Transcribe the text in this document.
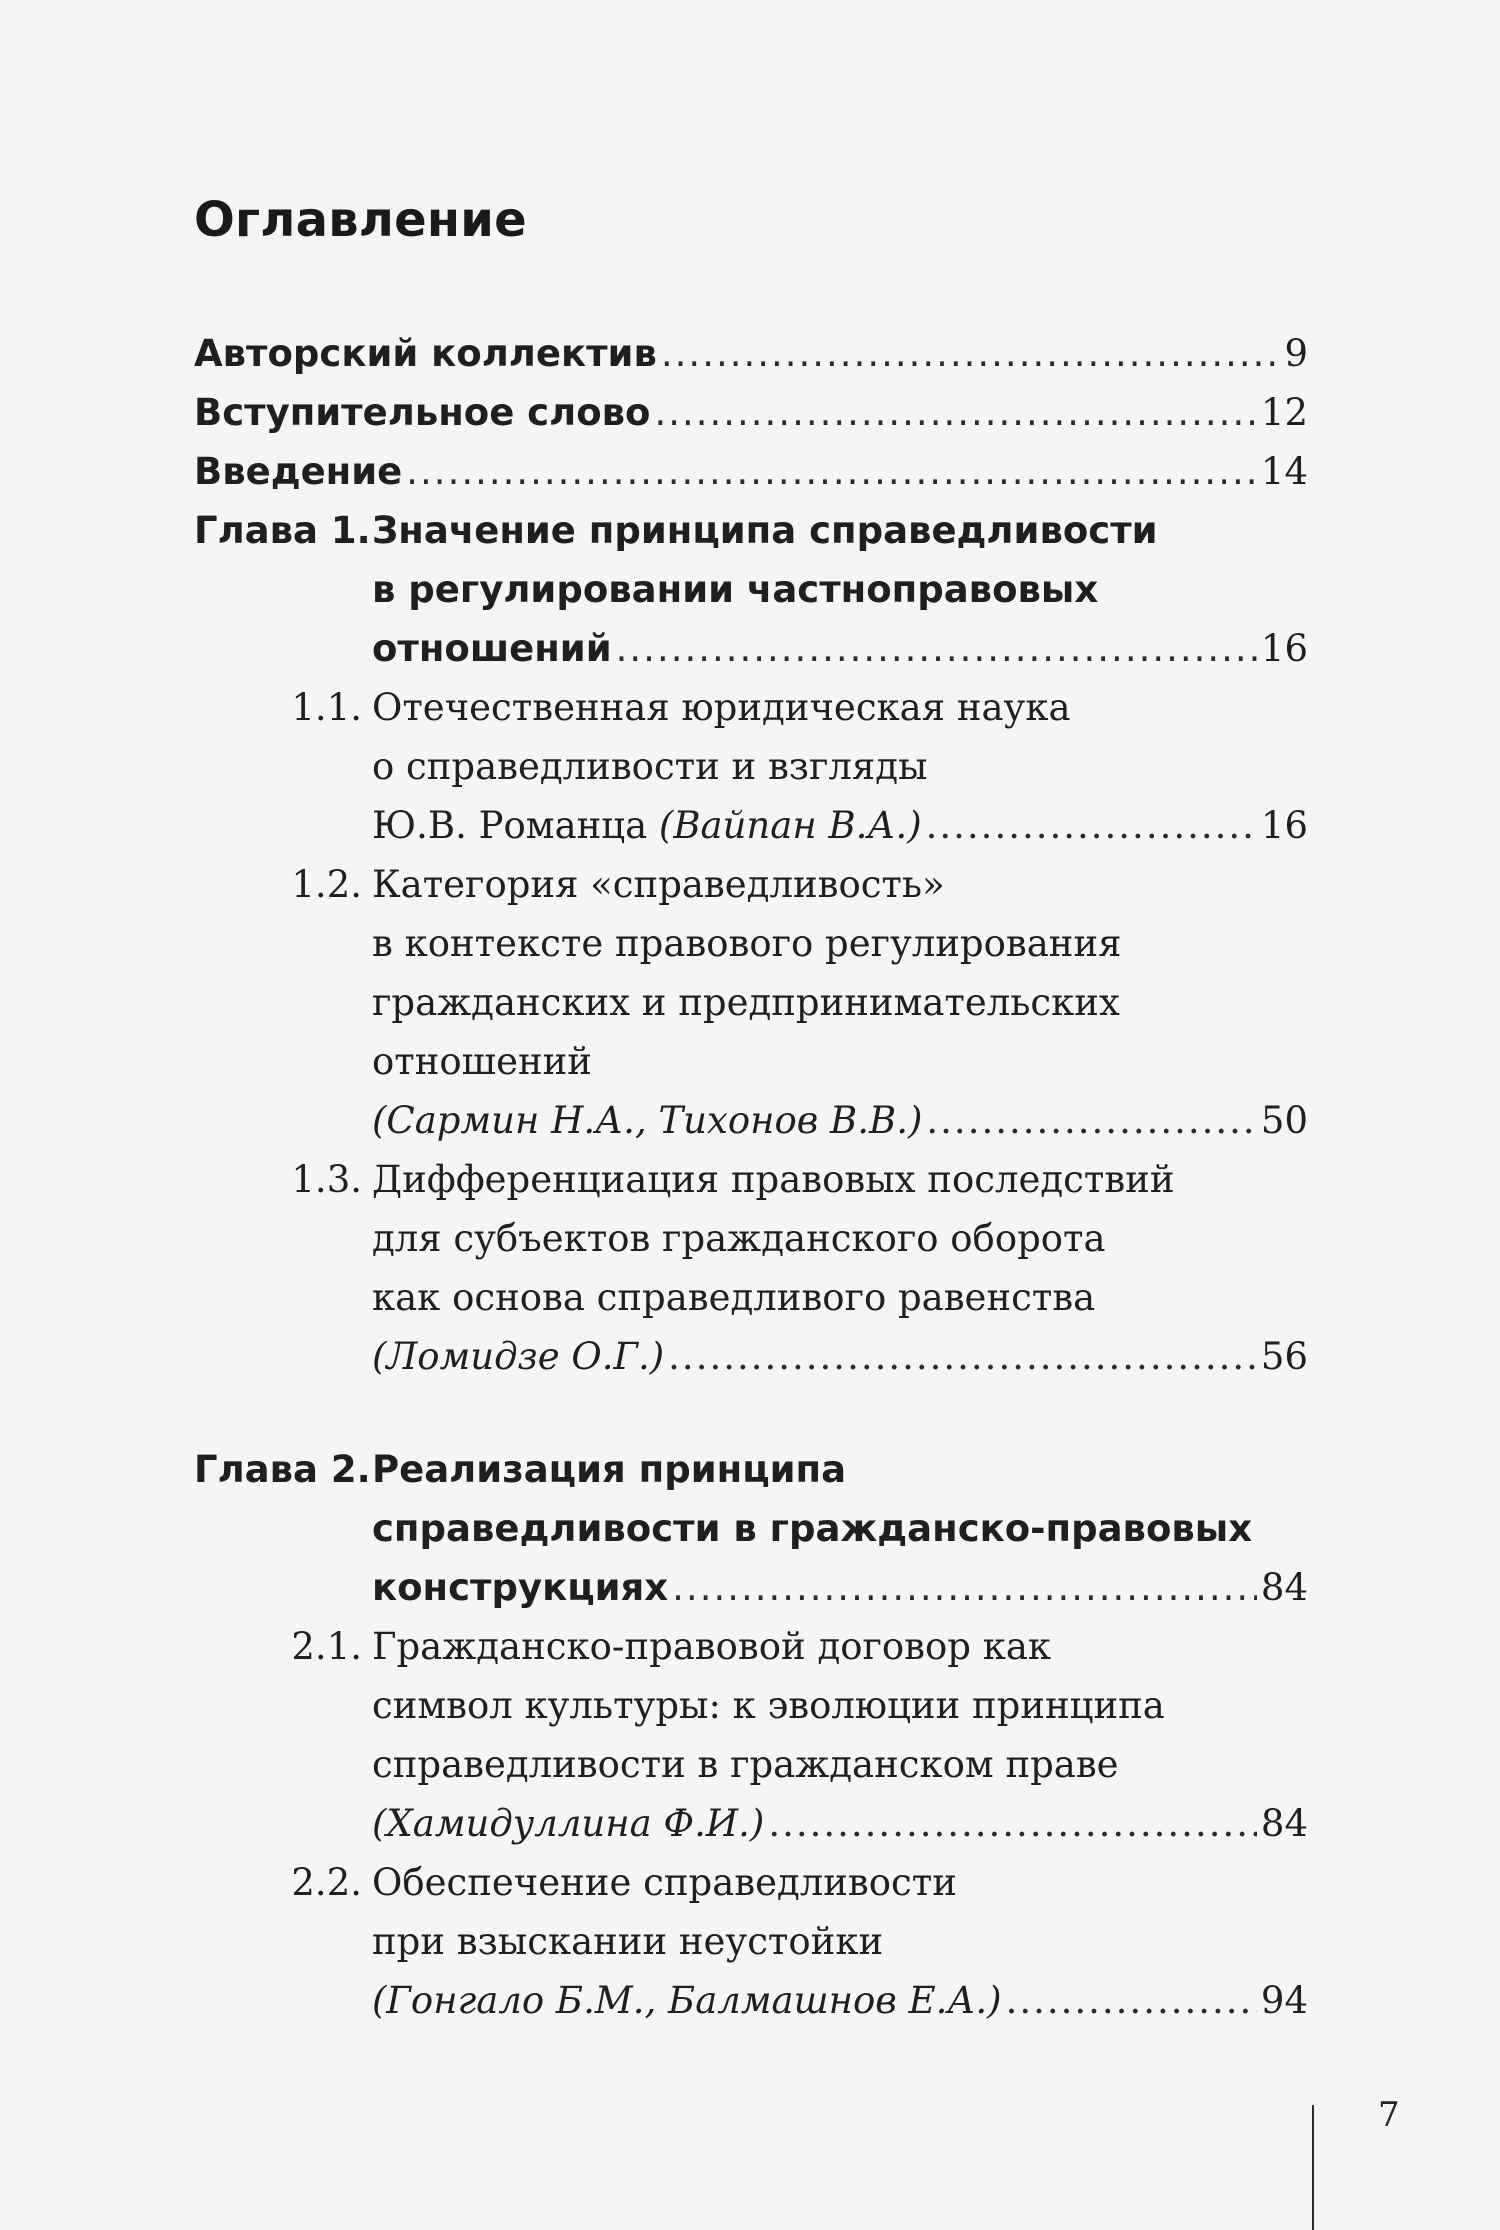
Оглавление
Авторский коллектив .....	9
Вступительное слово .....	12
Введение .....	14
Глава 1. Значение принципа справедливости
в регулировании частноправовых
отношений .....	16
1.1. Отечественная юридическая наука
о справедливости и взгляды
Ю.В. Романца (Вайпан В.А.) .....	16
1.2. Категория «справедливость»
в контексте правового регулирования
гражданских и предпринимательских
отношений
(Сармин Н.А., Тихонов В.В.) .....	50
1.3. Дифференциация правовых последствий
для субъектов гражданского оборота
как основа справедливого равенства
(Ломидзе О.Г.) .....	56
Глава 2. Реализация принципа
справедливости в гражданско-правовых
конструкциях .....	84
2.1. Гражданско-правовой договор как
символ культуры: к эволюции принципа
справедливости в гражданском праве
(Хамидуллина Ф.И.) .....	84
2.2. Обеспечение справедливости
при взыскании неустойки
(Гонгало Б.М., Балмашнов Е.А.) .....	94
7
